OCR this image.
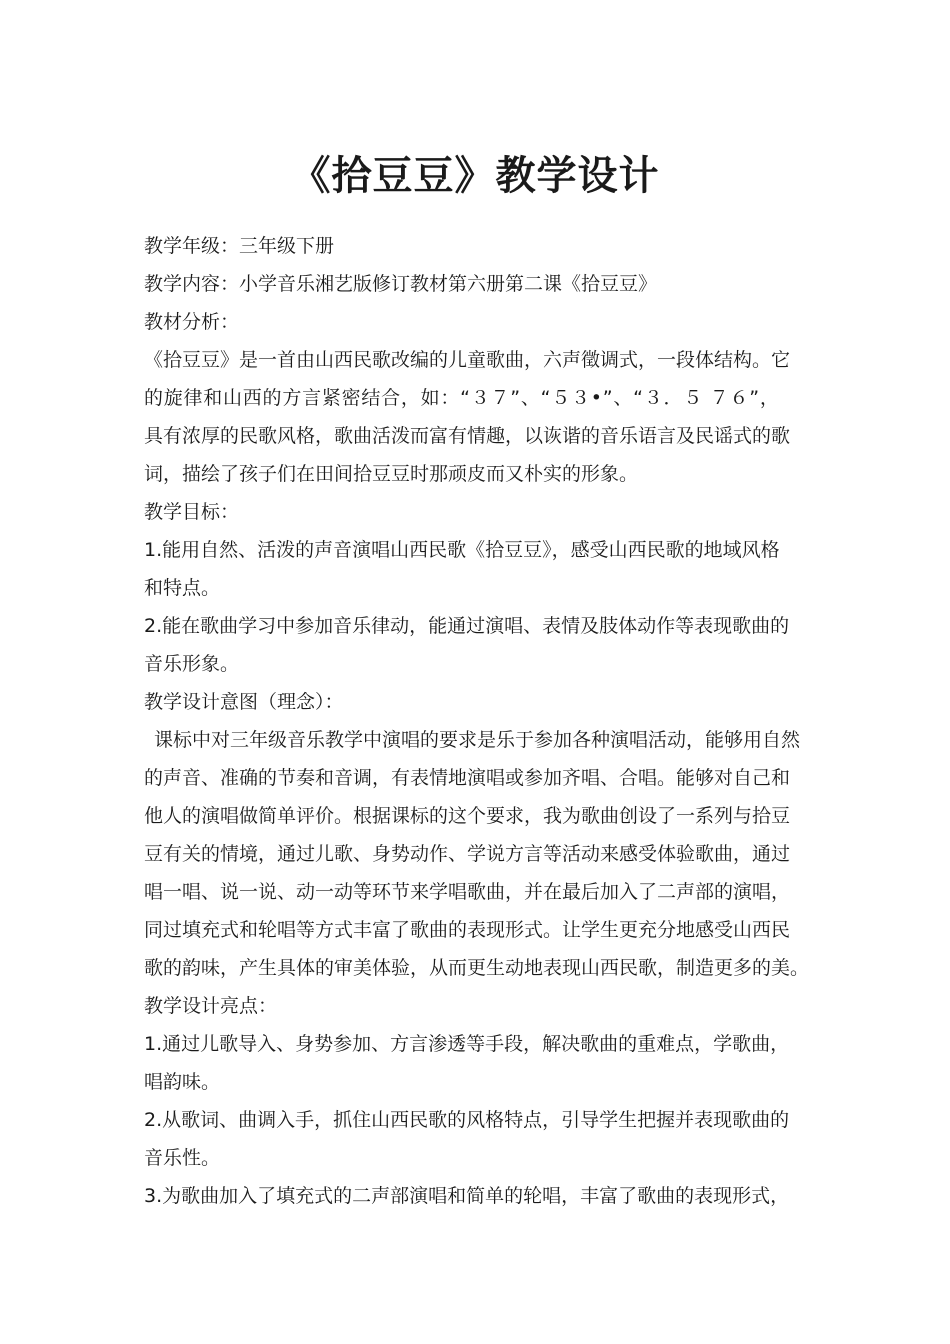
《拾豆豆》教学设计
教学年级：三年级下册
教学内容：小学音乐湘艺版修订教材第六册第二课《拾豆豆》
教材分析：
《拾豆豆》是一首由山西民歌改编的儿童歌曲，六声徵调式，一段体结构。它
的旋律和山西的方言紧密结合，如：“３７”、“５３•”、“３．５ ７６”，
具有浓厚的民歌风格，歌曲活泼而富有情趣，以诙谐的音乐语言及民谣式的歌
词，描绘了孩子们在田间拾豆豆时那顽皮而又朴实的形象。
教学目标：
1.能用自然、活泼的声音演唱山西民歌《拾豆豆》，感受山西民歌的地域风格
和特点。
2.能在歌曲学习中参加音乐律动，能通过演唱、表情及肢体动作等表现歌曲的
音乐形象。
教学设计意图（理念）：
课标中对三年级音乐教学中演唱的要求是乐于参加各种演唱活动，能够用自然
的声音、准确的节奏和音调，有表情地演唱或参加齐唱、合唱。能够对自己和
他人的演唱做简单评价。根据课标的这个要求，我为歌曲创设了一系列与拾豆
豆有关的情境，通过儿歌、身势动作、学说方言等活动来感受体验歌曲，通过
唱一唱、说一说、动一动等环节来学唱歌曲，并在最后加入了二声部的演唱，
同过填充式和轮唱等方式丰富了歌曲的表现形式。让学生更充分地感受山西民
歌的韵味，产生具体的审美体验，从而更生动地表现山西民歌，制造更多的美。
教学设计亮点：
1.通过儿歌导入、身势参加、方言渗透等手段，解决歌曲的重难点，学歌曲，
唱韵味。
2.从歌词、曲调入手，抓住山西民歌的风格特点，引导学生把握并表现歌曲的
音乐性。
3.为歌曲加入了填充式的二声部演唱和简单的轮唱，丰富了歌曲的表现形式，
